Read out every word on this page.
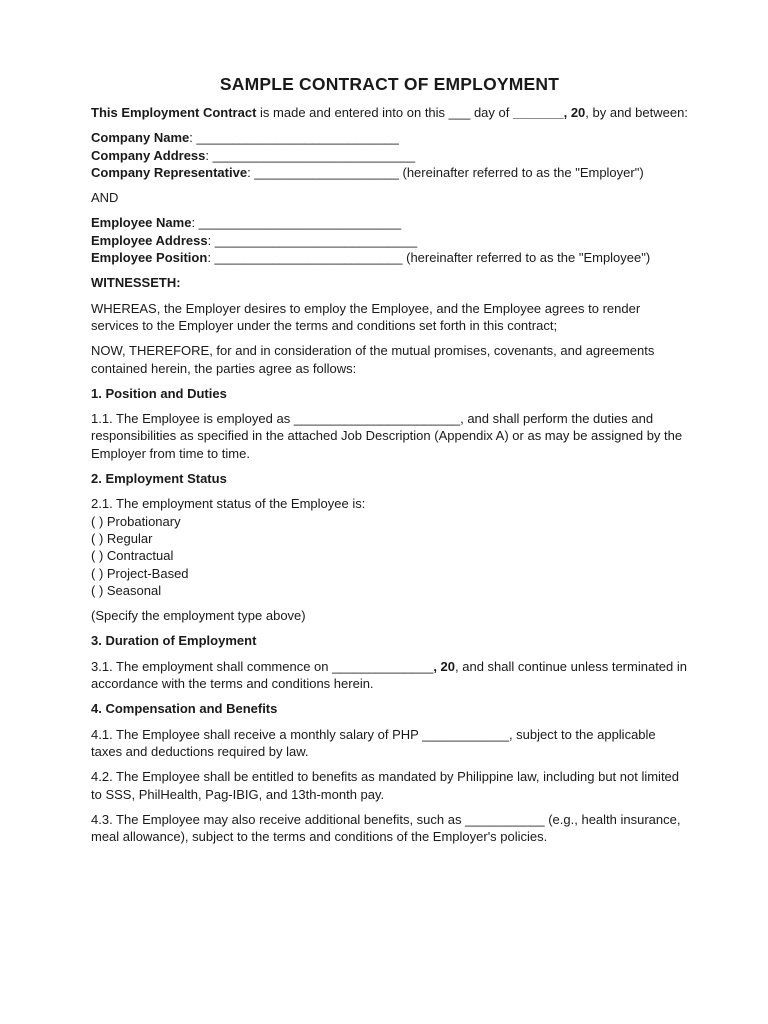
SAMPLE CONTRACT OF EMPLOYMENT

This Employment Contract is made and entered into on this ___ day of _______, 20, by and between:

Company Name: ____________________________

Company Address: ____________________________

Company Representative: ____________________ (hereinafter referred to as the "Employer")

AND

Employee Name: ____________________________

Employee Address: ____________________________

Employee Position: __________________________ (hereinafter referred to as the "Employee")

WITNESSETH:

WHEREAS, the Employer desires to employ the Employee, and the Employee agrees to render services to the Employer under the terms and conditions set forth in this contract;

NOW, THEREFORE, for and in consideration of the mutual promises, covenants, and agreements contained herein, the parties agree as follows:

1. Position and Duties

1.1. The Employee is employed as _______________________, and shall perform the duties and responsibilities as specified in the attached Job Description (Appendix A) or as may be assigned by the Employer from time to time.

2. Employment Status

2.1. The employment status of the Employee is:
( ) Probationary
( ) Regular
( ) Contractual
( ) Project-Based
( ) Seasonal

(Specify the employment type above)

3. Duration of Employment

3.1. The employment shall commence on ______________, 20, and shall continue unless terminated in accordance with the terms and conditions herein.

4. Compensation and Benefits

4.1. The Employee shall receive a monthly salary of PHP ____________, subject to the applicable taxes and deductions required by law.

4.2. The Employee shall be entitled to benefits as mandated by Philippine law, including but not limited to SSS, PhilHealth, Pag-IBIG, and 13th-month pay.

4.3. The Employee may also receive additional benefits, such as ___________ (e.g., health insurance, meal allowance), subject to the terms and conditions of the Employer's policies.
